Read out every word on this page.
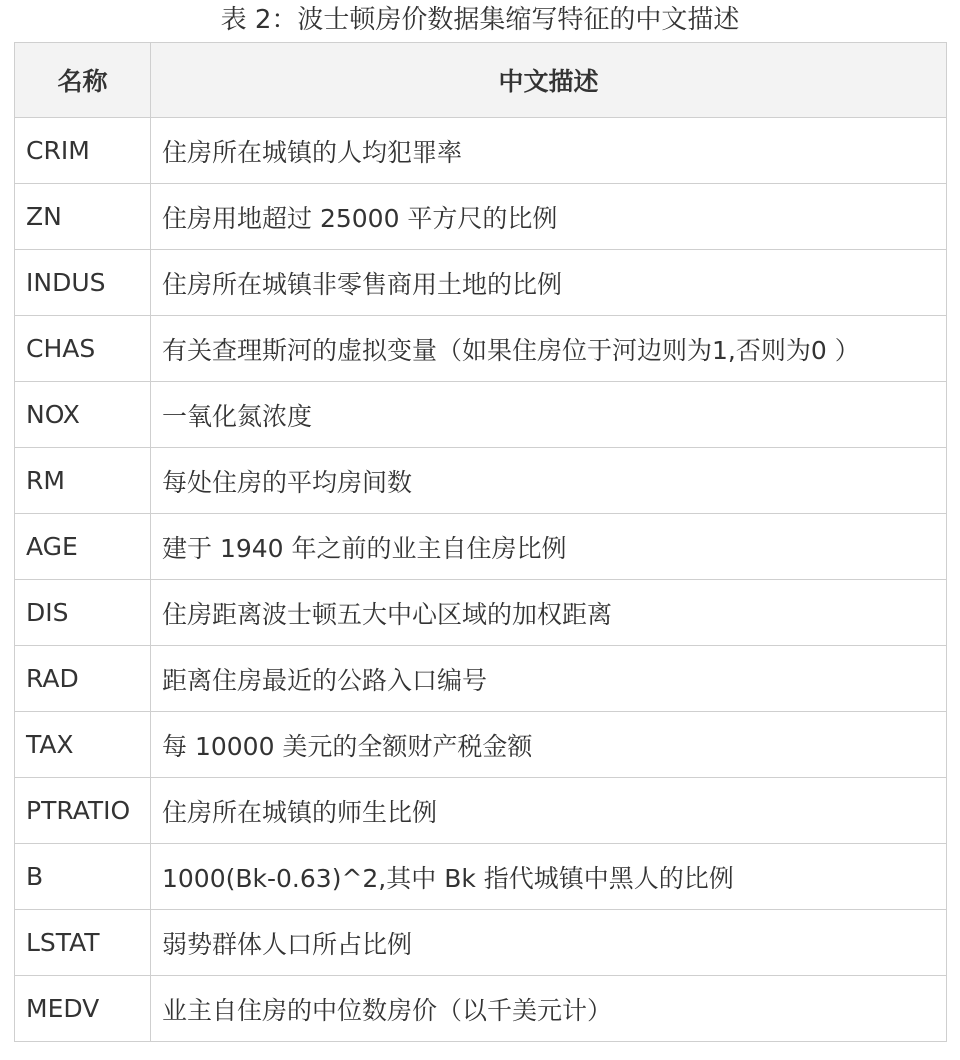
表 2：波士顿房价数据集缩写特征的中文描述
名称	中文描述
CRIM	住房所在城镇的人均犯罪率
ZN	住房用地超过 25000 平方尺的比例
INDUS	住房所在城镇非零售商用土地的比例
CHAS	有关查理斯河的虚拟变量（如果住房位于河边则为1,否则为0 ）
NOX	一氧化氮浓度
RM	每处住房的平均房间数
AGE	建于 1940 年之前的业主自住房比例
DIS	住房距离波士顿五大中心区域的加权距离
RAD	距离住房最近的公路入口编号
TAX	每 10000 美元的全额财产税金额
PTRATIO	住房所在城镇的师生比例
B	1000(Bk-0.63)^2,其中 Bk 指代城镇中黑人的比例
LSTAT	弱势群体人口所占比例
MEDV	业主自住房的中位数房价（以千美元计）
